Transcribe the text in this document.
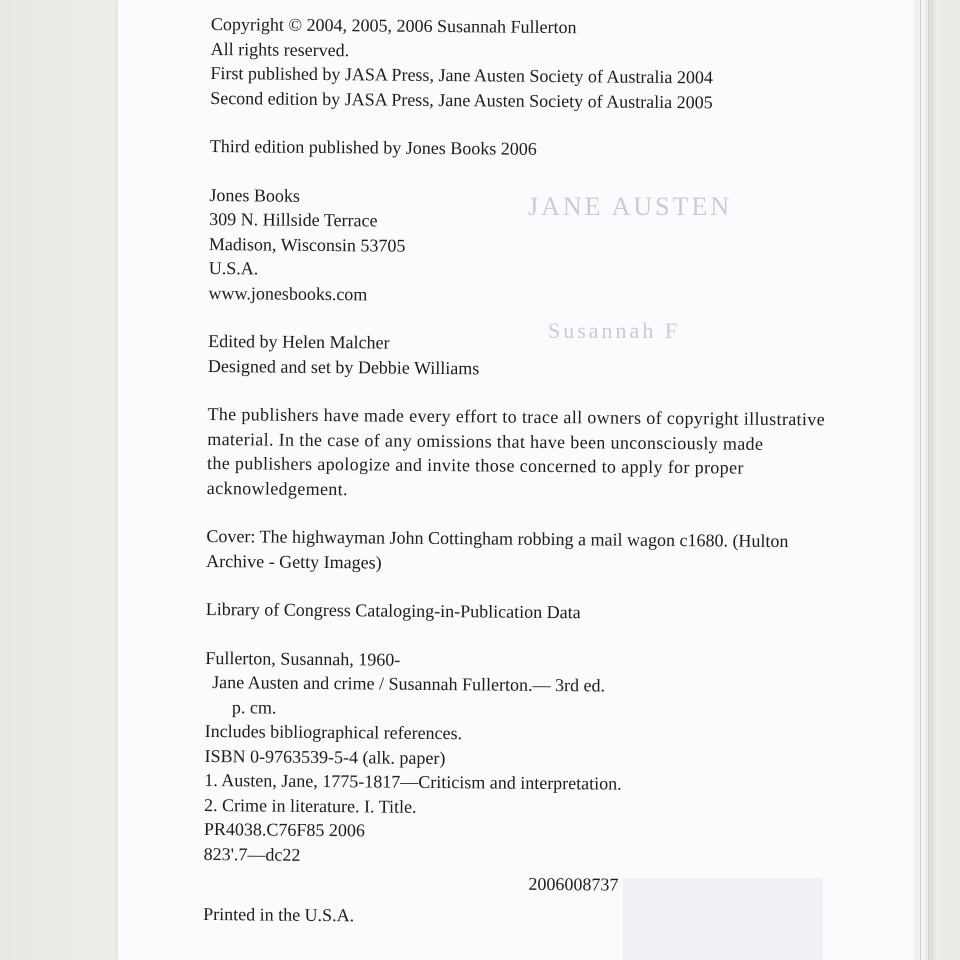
JANE AUSTEN
Susannah F
Copyright © 2004, 2005, 2006 Susannah Fullerton
All rights reserved.
First published by JASA Press, Jane Austen Society of Australia 2004
Second edition by JASA Press, Jane Austen Society of Australia 2005
Third edition published by Jones Books 2006
Jones Books
309 N. Hillside Terrace
Madison, Wisconsin 53705
U.S.A.
www.jonesbooks.com
Edited by Helen Malcher
Designed and set by Debbie Williams
The publishers have made every effort to trace all owners of copyright illustrative
material. In the case of any omissions that have been unconsciously made
the publishers apologize and invite those concerned to apply for proper
acknowledgement.
Cover: The highwayman John Cottingham robbing a mail wagon c1680. (Hulton
Archive - Getty Images)
Library of Congress Cataloging-in-Publication Data
Fullerton, Susannah, 1960-
Jane Austen and crime / Susannah Fullerton.— 3rd ed.
p. cm.
Includes bibliographical references.
ISBN 0-9763539-5-4 (alk. paper)
1. Austen, Jane, 1775-1817—Criticism and interpretation.
2. Crime in literature. I. Title.
PR4038.C76F85 2006
823'.7—dc22
2006008737
Printed in the U.S.A.
